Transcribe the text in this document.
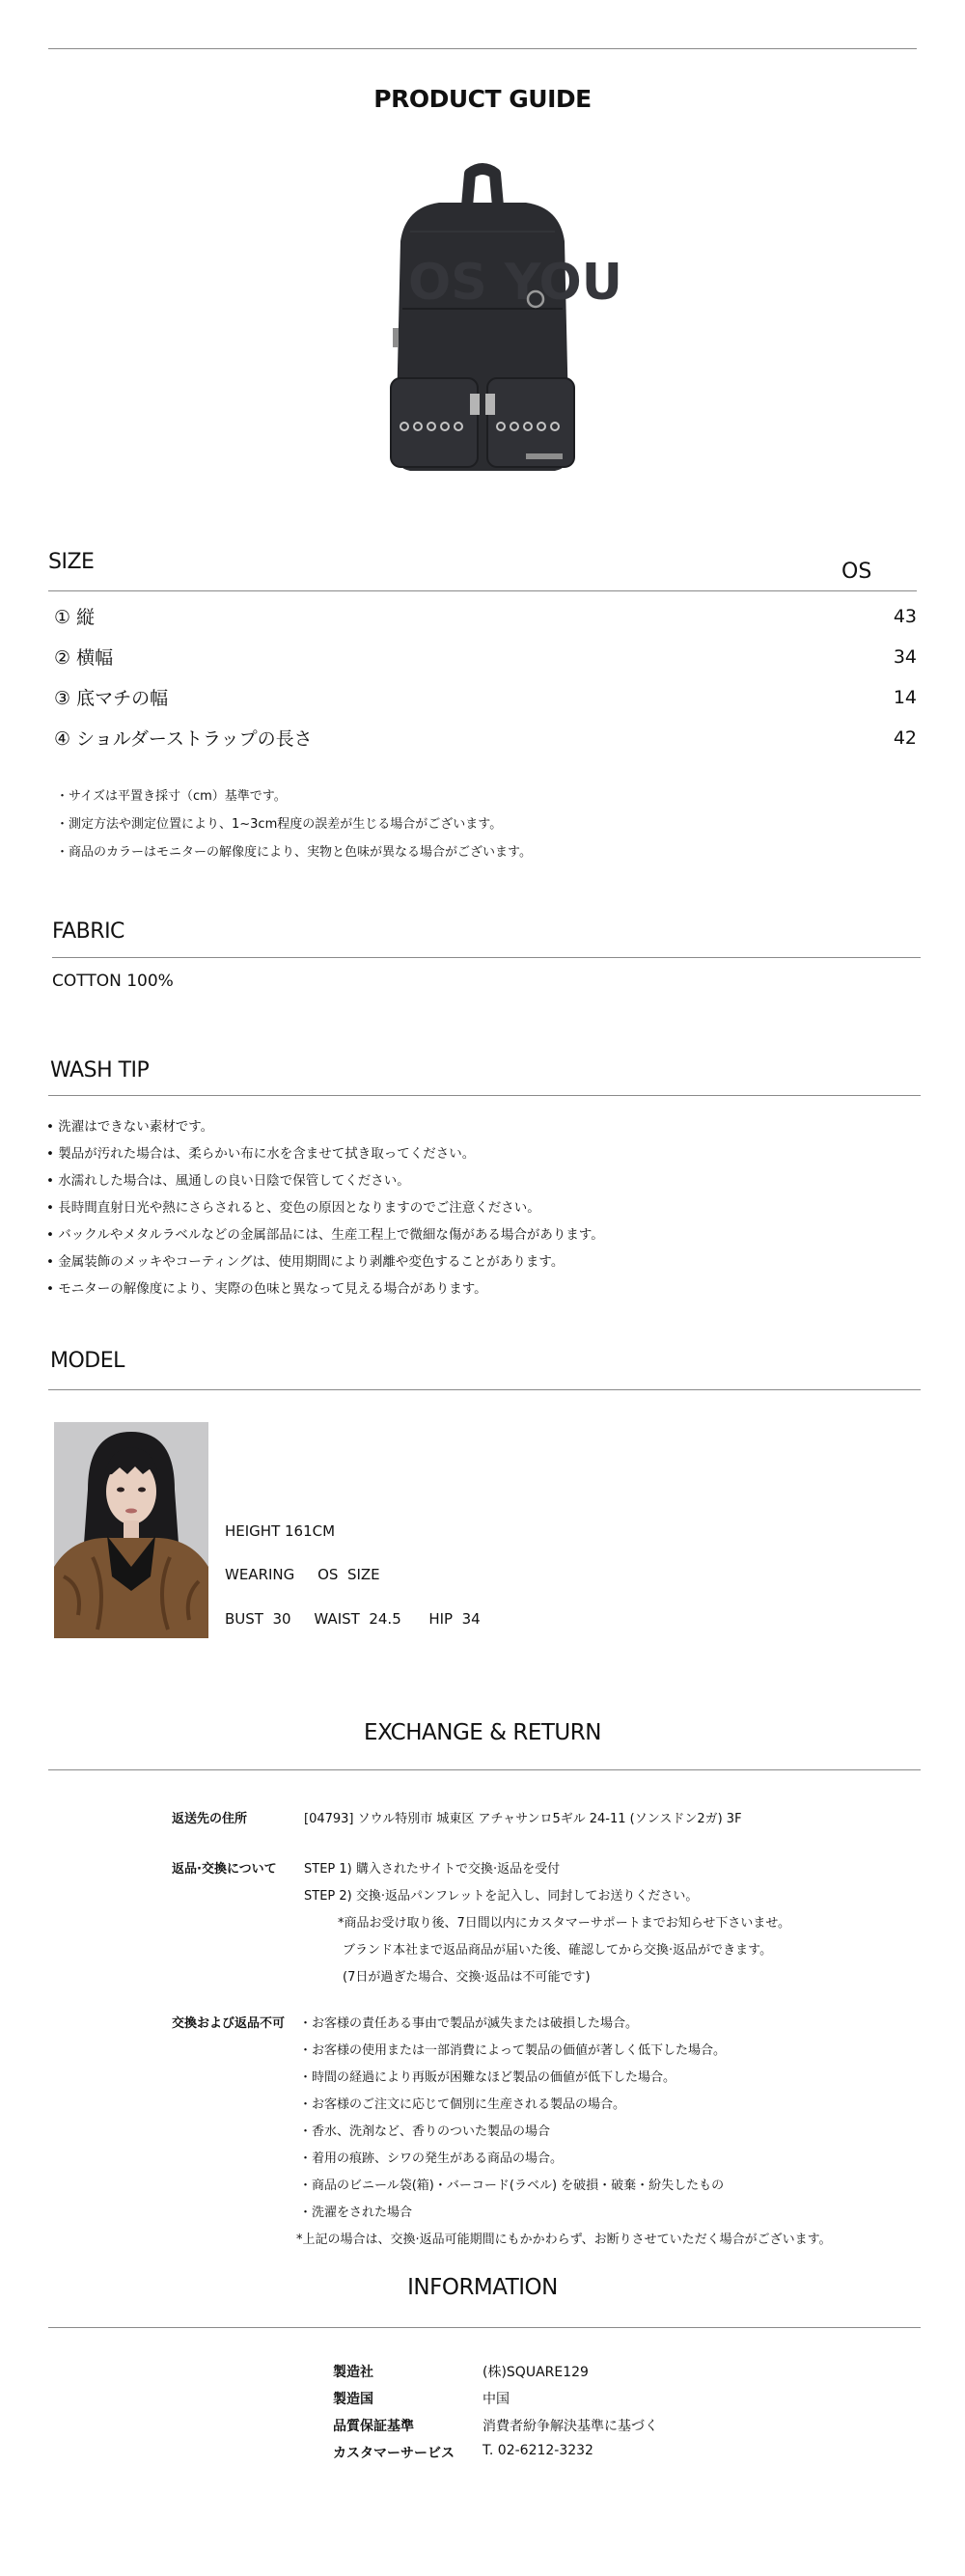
PRODUCT GUIDE
OS YOU
SIZE	OS
① 縦	43
② 横幅	34
③ 底マチの幅	14
④ ショルダーストラップの長さ	42
・サイズは平置き採寸（cm）基準です。
・測定方法や測定位置により、1~3cm程度の誤差が生じる場合がございます。
・商品のカラーはモニターの解像度により、実物と色味が異なる場合がございます。
FABRIC
COTTON 100%
WASH TIP
• 洗濯はできない素材です。
• 製品が汚れた場合は、柔らかい布に水を含ませて拭き取ってください。
• 水濡れした場合は、風通しの良い日陰で保管してください。
• 長時間直射日光や熱にさらされると、変色の原因となりますのでご注意ください。
• バックルやメタルラベルなどの金属部品には、生産工程上で微細な傷がある場合があります。
• 金属装飾のメッキやコーティングは、使用期間により剥離や変色することがあります。
• モニターの解像度により、実際の色味と異なって見える場合があります。
MODEL
HEIGHT 161CM
WEARING     OS  SIZE
BUST  30     WAIST  24.5      HIP  34
EXCHANGE & RETURN
返送先の住所	[04793] ソウル特別市 城東区 アチャサンロ5ギル 24-11 (ソンスドン2ガ) 3F
返品·交換について STEP 1) 購入されたサイトで交換·返品を受付
STEP 2) 交換·返品パンフレットを記入し、同封してお送りください。
*商品お受け取り後、7日間以内にカスタマーサポートまでお知らせ下さいませ。
ブランド本社まで返品商品が届いた後、確認してから交換·返品ができます。
(7日が過ぎた場合、交換·返品は不可能です)
交換および返品不可 ・お客様の責任ある事由で製品が滅失または破損した場合。
・お客様の使用または一部消費によって製品の価値が著しく低下した場合。
・時間の経過により再販が困難なほど製品の価値が低下した場合。
・お客様のご注文に応じて個別に生産される製品の場合。
・香水、洗剤など、香りのついた製品の場合
・着用の痕跡、シワの発生がある商品の場合。
・商品のビニール袋(箱)・バーコード(ラベル) を破損・破棄・紛失したもの
・洗濯をされた場合
*上記の場合は、交換·返品可能期間にもかかわらず、お断りさせていただく場合がございます。
INFORMATION
製造社	(株)SQUARE129
製造国	中国
品質保証基準	消費者紛争解決基準に基づく
カスタマーサービス T. 02-6212-3232
